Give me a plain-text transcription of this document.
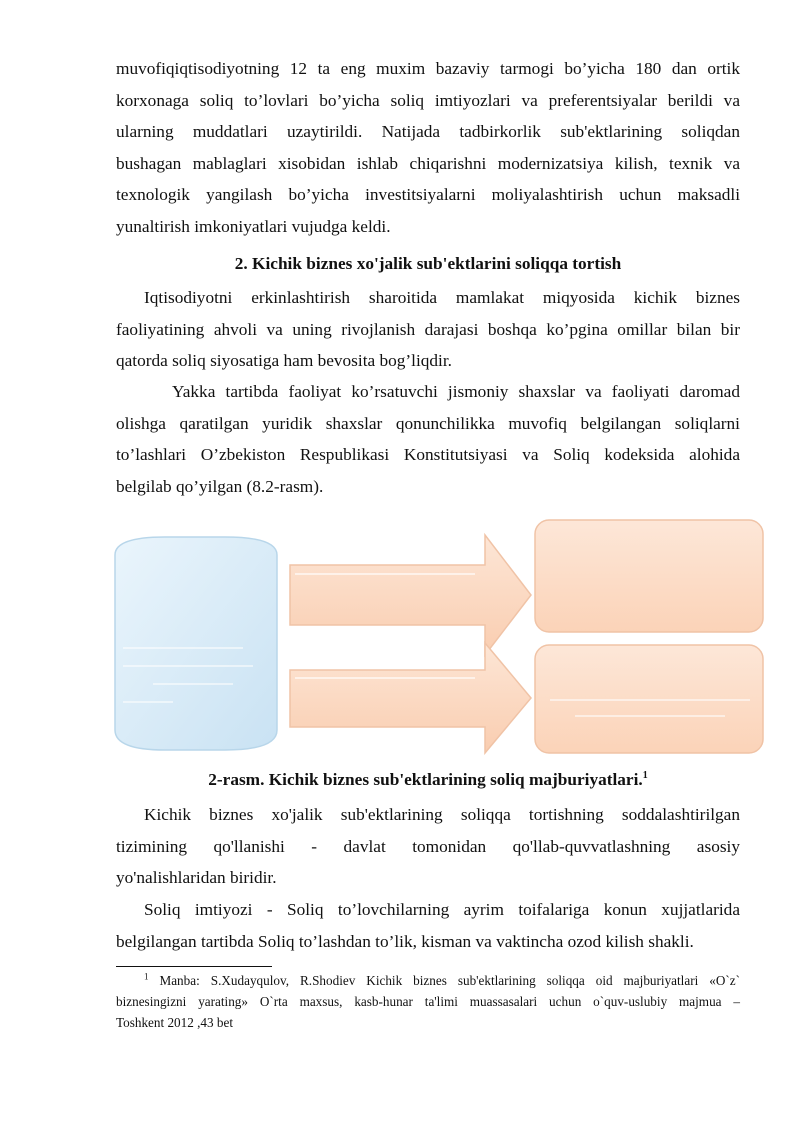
muvofiqiqtisodiyotning 12 ta eng muxim bazaviy tarmogi bo’yicha 180 dan ortik
korxonaga soliq to’lovlari bo’yicha soliq imtiyozlari va preferentsiyalar berildi va
ularning muddatlari uzaytirildi. Natijada tadbirkorlik sub'ektlarining soliqdan
bushagan mablaglari xisobidan ishlab chiqarishni modernizatsiya kilish, texnik va
texnologik yangilash bo’yicha investitsiyalarni moliyalashtirish uchun maksadli
yunaltirish imkoniyatlari vujudga keldi.
2. Kichik biznes xo'jalik sub'ektlarini soliqqa tortish
Iqtisodiyotni erkinlashtirish sharoitida mamlakat miqyosida kichik biznes
faoliyatining ahvoli va uning rivojlanish darajasi boshqa ko’pgina omillar bilan bir
qatorda soliq siyosatiga ham bevosita bog’liqdir.
Yakka tartibda faoliyat ko’rsatuvchi jismoniy shaxslar va faoliyati daromad
olishga qaratilgan yuridik shaxslar qonunchilikka muvofiq belgilangan soliqlarni
to’lashlari O’zbekiston Respublikasi Konstitutsiyasi va Soliq kodeksida alohida
belgilab qo’yilgan (8.2-rasm).
2-rasm. Kichik biznes sub'ektlarining soliq majburiyatlari.$^1$
Kichik biznes xo'jalik sub'ektlarining soliqqa tortishning soddalashtirilgan
tizimining qo'llanishi - davlat tomonidan qo'llab-quvvatlashning asosiy
yo'nalishlaridan biridir.
Soliq imtiyozi - Soliq to’lovchilarning ayrim toifalariga konun xujjatlarida
belgilangan tartibda Soliq to’lashdan to’lik, kisman va vaktincha ozod kilish shakli.
$^1$ Manba: S.Xudayqulov, R.Shodiev Kichik biznes sub'ektlarining soliqqa oid majburiyatlari «O`z`
biznesingizni yarating» O`rta maxsus, kasb-hunar ta'limi muassasalari uchun o`quv-uslubiy majmua –
Toshkent 2012 ,43 bet
